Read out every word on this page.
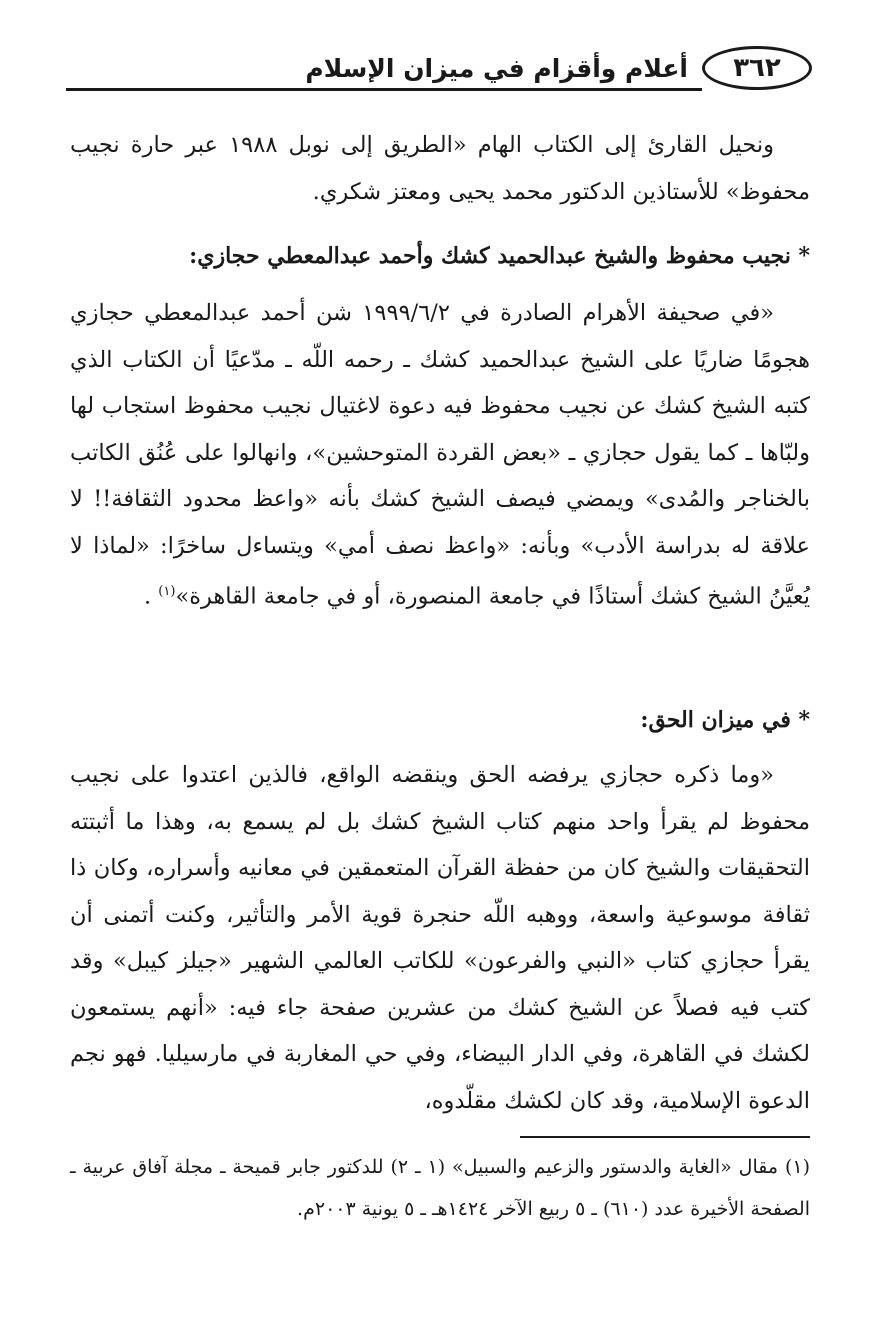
٣٦٢
أعلام وأقزام في ميزان الإسلام

ونحيل القارئ إلى الكتاب الهام «الطريق إلى نوبل ١٩٨٨ عبر حارة نجيب محفوظ» للأستاذين الدكتور محمد يحيى ومعتز شكري.

* نجيب محفوظ والشيخ عبدالحميد كشك وأحمد عبدالمعطي حجازي:

«في صحيفة الأهرام الصادرة في ١٩٩٩/٦/٢ شن أحمد عبدالمعطي حجازي هجومًا ضاريًا على الشيخ عبدالحميد كشك ـ رحمه اللّه ـ مدّعيًا أن الكتاب الذي كتبه الشيخ كشك عن نجيب محفوظ فيه دعوة لاغتيال نجيب محفوظ استجاب لها ولبّاها ـ كما يقول حجازي ـ «بعض القردة المتوحشين»، وانهالوا على عُنُق الكاتب بالخناجر والمُدى» ويمضي فيصف الشيخ كشك بأنه «واعظ محدود الثقافة!! لا علاقة له بدراسة الأدب» وبأنه: «واعظ نصف أمي» ويتساءل ساخرًا: «لماذا لا يُعيَّنُ الشيخ كشك أستاذًا في جامعة المنصورة، أو في جامعة القاهرة»$^{(١)}$ .

* في ميزان الحق:

«وما ذكره حجازي يرفضه الحق وينقضه الواقع، فالذين اعتدوا على نجيب محفوظ لم يقرأ واحد منهم كتاب الشيخ كشك بل لم يسمع به، وهذا ما أثبتته التحقيقات والشيخ كان من حفظة القرآن المتعمقين في معانيه وأسراره، وكان ذا ثقافة موسوعية واسعة، ووهبه اللّه حنجرة قوية الأمر والتأثير، وكنت أتمنى أن يقرأ حجازي كتاب «النبي والفرعون» للكاتب العالمي الشهير «جيلز كيبل» وقد كتب فيه فصلاً عن الشيخ كشك من عشرين صفحة جاء فيه: «أنهم يستمعون لكشك في القاهرة، وفي الدار البيضاء، وفي حي المغاربة في مارسيليا. فهو نجم الدعوة الإسلامية، وقد كان لكشك مقلّدوه،

(١) مقال «الغاية والدستور والزعيم والسبيل» (١ ـ ٢) للدكتور جابر قميحة ـ مجلة آفاق عربية ـ الصفحة الأخيرة عدد (٦١٠) ـ ٥ ربيع الآخر ١٤٢٤هـ ـ ٥ يونية ٢٠٠٣م.
